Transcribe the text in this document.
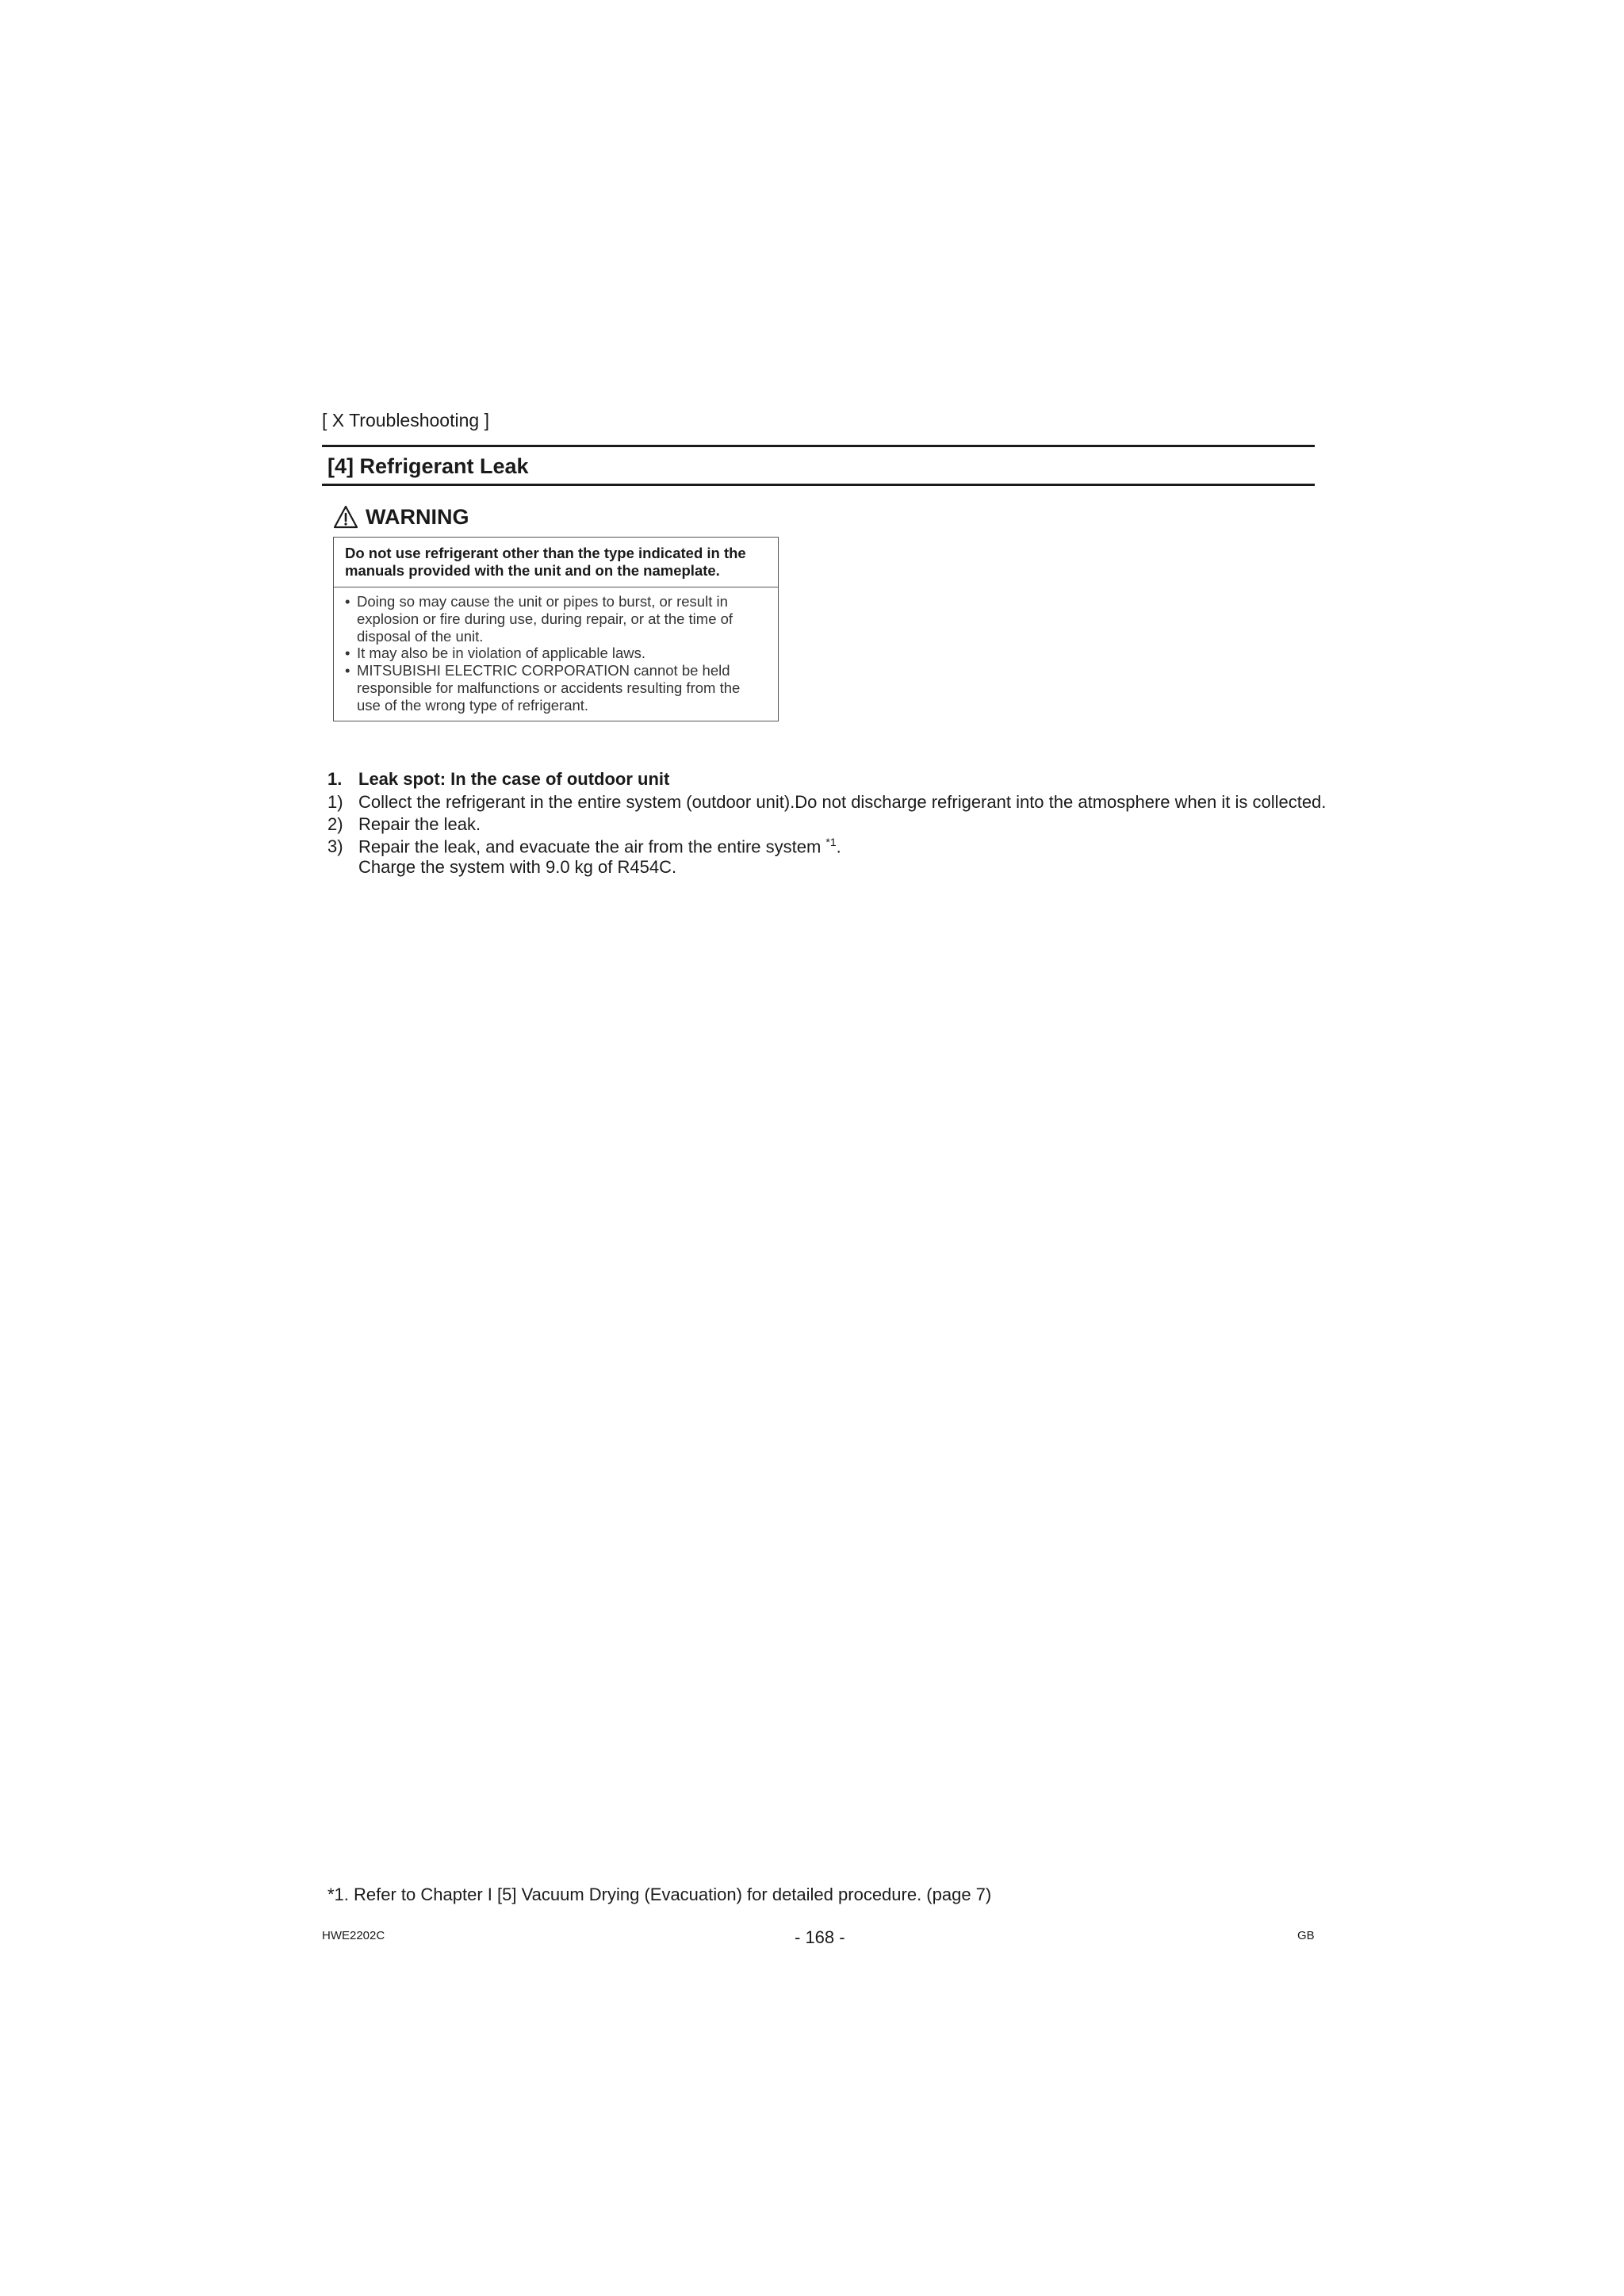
[ X Troubleshooting ]
[4] Refrigerant Leak
WARNING
Do not use refrigerant other than the type indicated in the manuals provided with the unit and on the nameplate.
• Doing so may cause the unit or pipes to burst, or result in explosion or fire during use, during repair, or at the time of disposal of the unit.
• It may also be in violation of applicable laws.
• MITSUBISHI ELECTRIC CORPORATION cannot be held responsible for malfunctions or accidents resulting from the use of the wrong type of refrigerant.
1. Leak spot: In the case of outdoor unit
1) Collect the refrigerant in the entire system (outdoor unit).Do not discharge refrigerant into the atmosphere when it is collected.
2) Repair the leak.
3) Repair the leak, and evacuate the air from the entire system $^{*1}$.
Charge the system with 9.0 kg of R454C.
*1. Refer to Chapter I [5] Vacuum Drying (Evacuation) for detailed procedure. (page 7)
HWE2202C	- 168 -	GB
